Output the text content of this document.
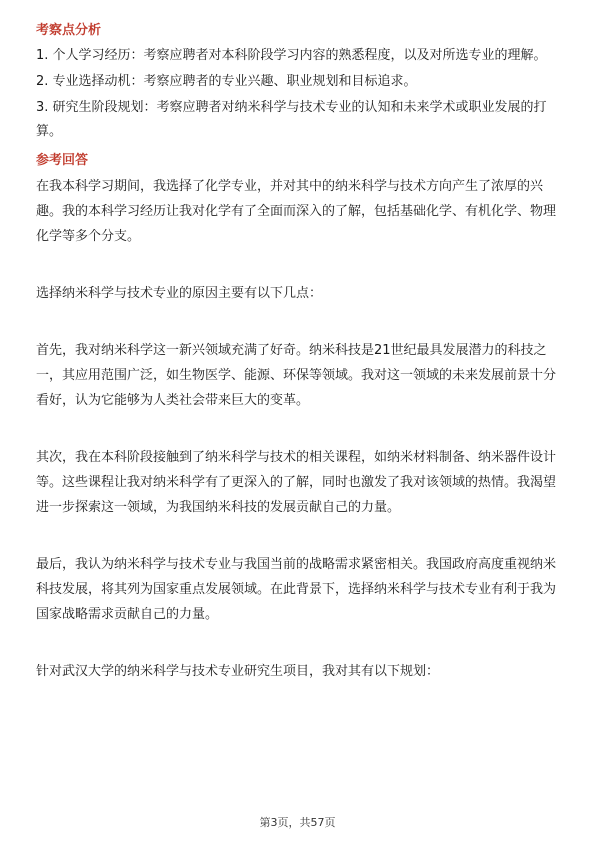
考察点分析
1. 个人学习经历：考察应聘者对本科阶段学习内容的熟悉程度，以及对所选专业的理解。
2. 专业选择动机：考察应聘者的专业兴趣、职业规划和目标追求。
3. 研究生阶段规划：考察应聘者对纳米科学与技术专业的认知和未来学术或职业发展的打算。
参考回答
在我本科学习期间，我选择了化学专业，并对其中的纳米科学与技术方向产生了浓厚的兴趣。我的本科学习经历让我对化学有了全面而深入的了解，包括基础化学、有机化学、物理化学等多个分支。
选择纳米科学与技术专业的原因主要有以下几点：
首先，我对纳米科学这一新兴领域充满了好奇。纳米科技是21世纪最具发展潜力的科技之一，其应用范围广泛，如生物医学、能源、环保等领域。我对这一领域的未来发展前景十分看好，认为它能够为人类社会带来巨大的变革。
其次，我在本科阶段接触到了纳米科学与技术的相关课程，如纳米材料制备、纳米器件设计等。这些课程让我对纳米科学有了更深入的了解，同时也激发了我对该领域的热情。我渴望进一步探索这一领域，为我国纳米科技的发展贡献自己的力量。
最后，我认为纳米科学与技术专业与我国当前的战略需求紧密相关。我国政府高度重视纳米科技发展，将其列为国家重点发展领域。在此背景下，选择纳米科学与技术专业有利于我为国家战略需求贡献自己的力量。
针对武汉大学的纳米科学与技术专业研究生项目，我对其有以下规划：
第3页，共57页
